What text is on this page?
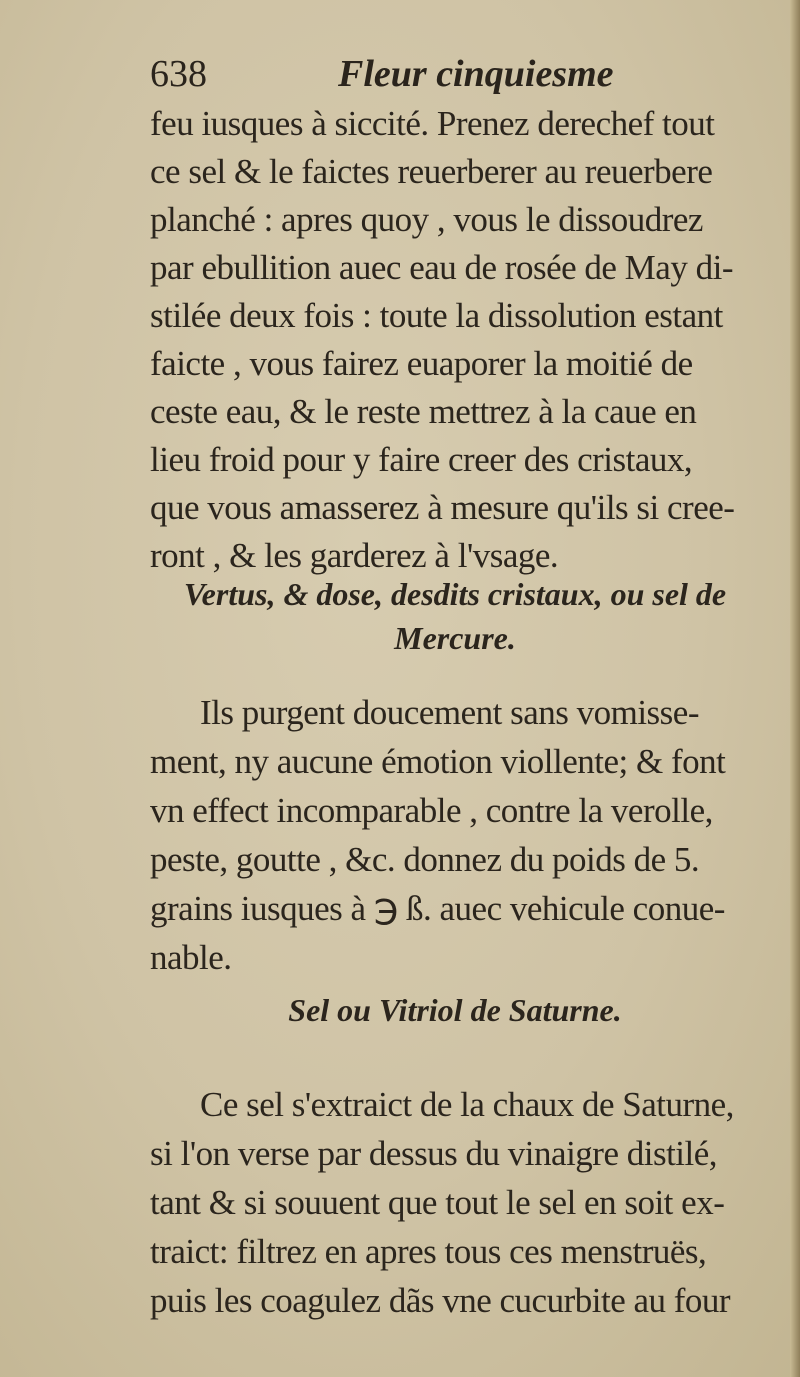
638	Fleur cinquiesme
feu iusques à siccité. Prenez derechef tout
ce sel & le faictes reuerberer au reuerbere
planché : apres quoy , vous le dissoudrez
par ebullition auec eau de rosée de May di-
stilée deux fois : toute la dissolution estant
faicte , vous fairez euaporer la moitié de
ceste eau, & le reste mettrez à la caue en
lieu froid pour y faire creer des cristaux,
que vous amasserez à mesure qu'ils si cree-
ront , & les garderez à l'vsage.
Vertus, & dose, desdits cristaux, ou sel de
Mercure.
Ils purgent doucement sans vomisse-
ment, ny aucune émotion viollente; & font
vn effect incomparable , contre la verolle,
peste, goutte , &c. donnez du poids de 5.
grains iusques à ℈ ß. auec vehicule conue-
nable.
Sel ou Vitriol de Saturne.
Ce sel s'extraict de la chaux de Saturne,
si l'on verse par dessus du vinaigre distilé,
tant & si souuent que tout le sel en soit ex-
traict: filtrez en apres tous ces menstruës,
puis les coagulez dãs vne cucurbite au four
